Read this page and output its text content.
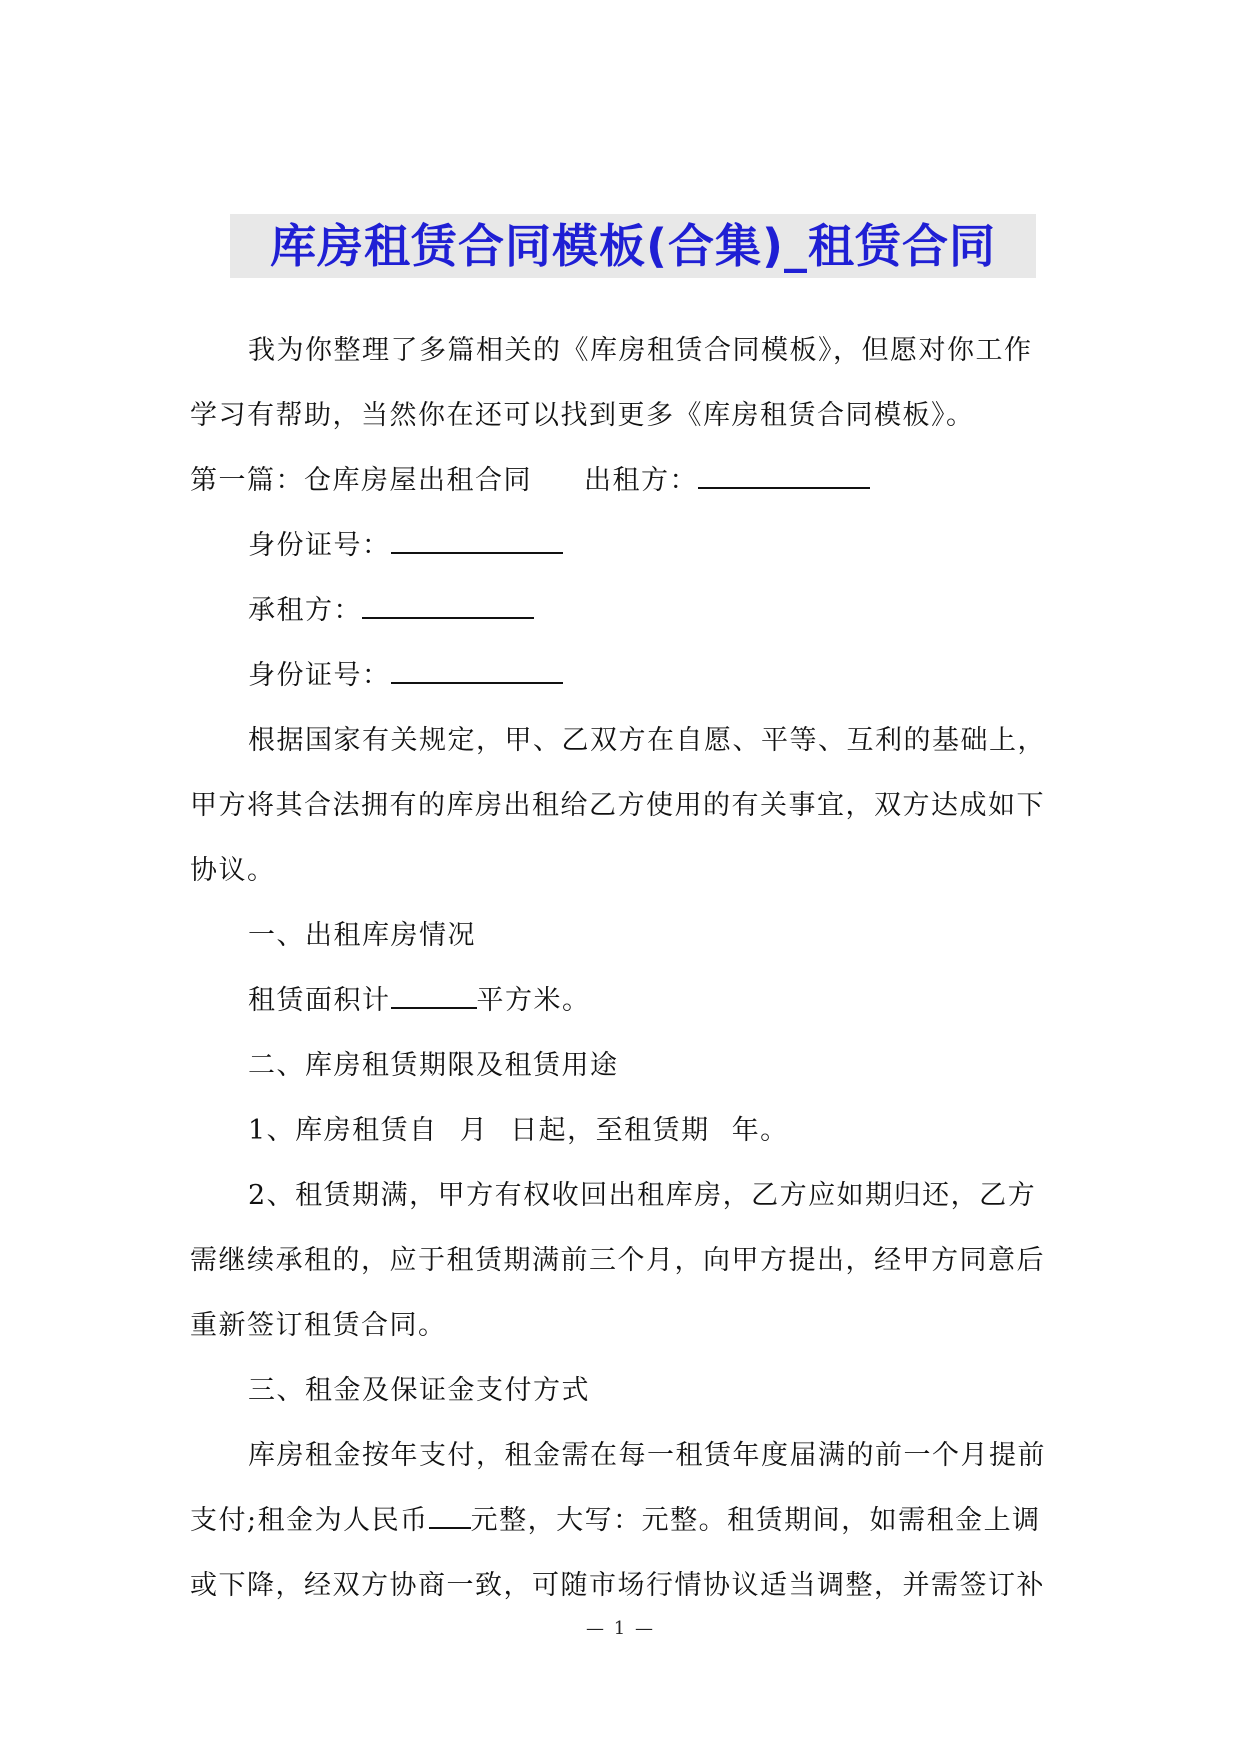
库房租赁合同模板(合集)_租赁合同

我为你整理了多篇相关的《库房租赁合同模板》，但愿对你工作学习有帮助，当然你在还可以找到更多《库房租赁合同模板》。

第一篇：仓库房屋出租合同 出租方：

身份证号：

承租方：

身份证号：

根据国家有关规定，甲、乙双方在自愿、平等、互利的基础上，甲方将其合法拥有的库房出租给乙方使用的有关事宜，双方达成如下协议。

一、出租库房情况

租赁面积计	平方米。

二、库房租赁期限及租赁用途

1、库房租赁自 月 日起，至租赁期 年。

2、租赁期满，甲方有权收回出租库房，乙方应如期归还，乙方需继续承租的，应于租赁期满前三个月，向甲方提出，经甲方同意后重新签订租赁合同。

三、租金及保证金支付方式

库房租金按年支付，租金需在每一租赁年度届满的前一个月提前支付;租金为人民币 元整，大写：元整。租赁期间，如需租金上调或下降，经双方协商一致，可随市场行情协议适当调整，并需签订补

— 1 —
